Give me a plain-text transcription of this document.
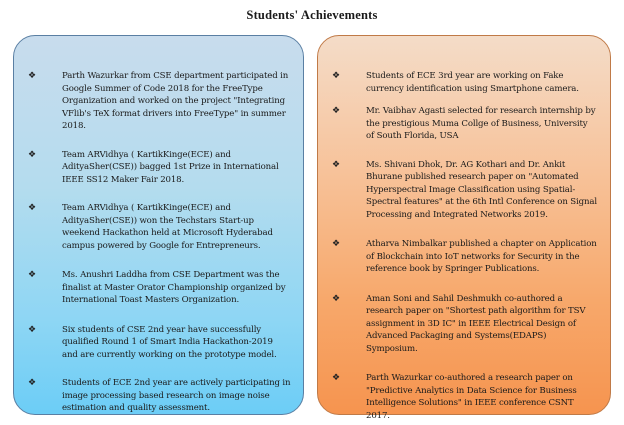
Students' Achievements
❖	Parth Wazurkar from CSE department participated in Google Summer of Code 2018 for the FreeType Organization and worked on the project "Integrating VFlib's TeX format drivers into FreeType" in summer 2018.
❖	Team ARVidhya ( KartikKinge(ECE) and AdityaSher(CSE)) bagged 1st Prize in International IEEE SS12 Maker Fair 2018.
❖	Team ARVidhya ( KartikKinge(ECE) and AdityaSher(CSE)) won the Techstars Start-up weekend Hackathon held at Microsoft Hyderabad campus powered by Google for Entrepreneurs.
❖	Ms. Anushri Laddha from CSE Department was the finalist at Master Orator Championship organized by International Toast Masters Organization.
❖	Six students of CSE 2nd year have successfully qualified Round 1 of Smart India Hackathon-2019 and are currently working on the prototype model.
❖	Students of ECE 2nd year are actively participating in image processing based research on image noise estimation and quality assessment.
❖	Students of ECE 3rd year are working on Fake currency identification using Smartphone camera.
❖	Mr. Vaibhav Agasti selected for research internship by the prestigious Muma Collge of Business, University of South Florida, USA
❖	Ms. Shivani Dhok, Dr. AG Kothari and Dr. Ankit Bhurane published research paper on "Automated Hyperspectral Image Classification using Spatial-Spectral features" at the 6th Intl Conference on Signal Processing and Integrated Networks 2019.
❖	Atharva Nimbalkar published a chapter on Application of Blockchain into IoT networks for Security in the reference book by Springer Publications.
❖	Aman Soni and Sahil Deshmukh co-authored a research paper on "Shortest path algorithm for TSV assignment in 3D IC" in IEEE Electrical Design of Advanced Packaging and Systems(EDAPS) Symposium.
❖	Parth Wazurkar co-authored a research paper on "Predictive Analytics in Data Science for Business Intelligence Solutions" in IEEE conference CSNT 2017.
